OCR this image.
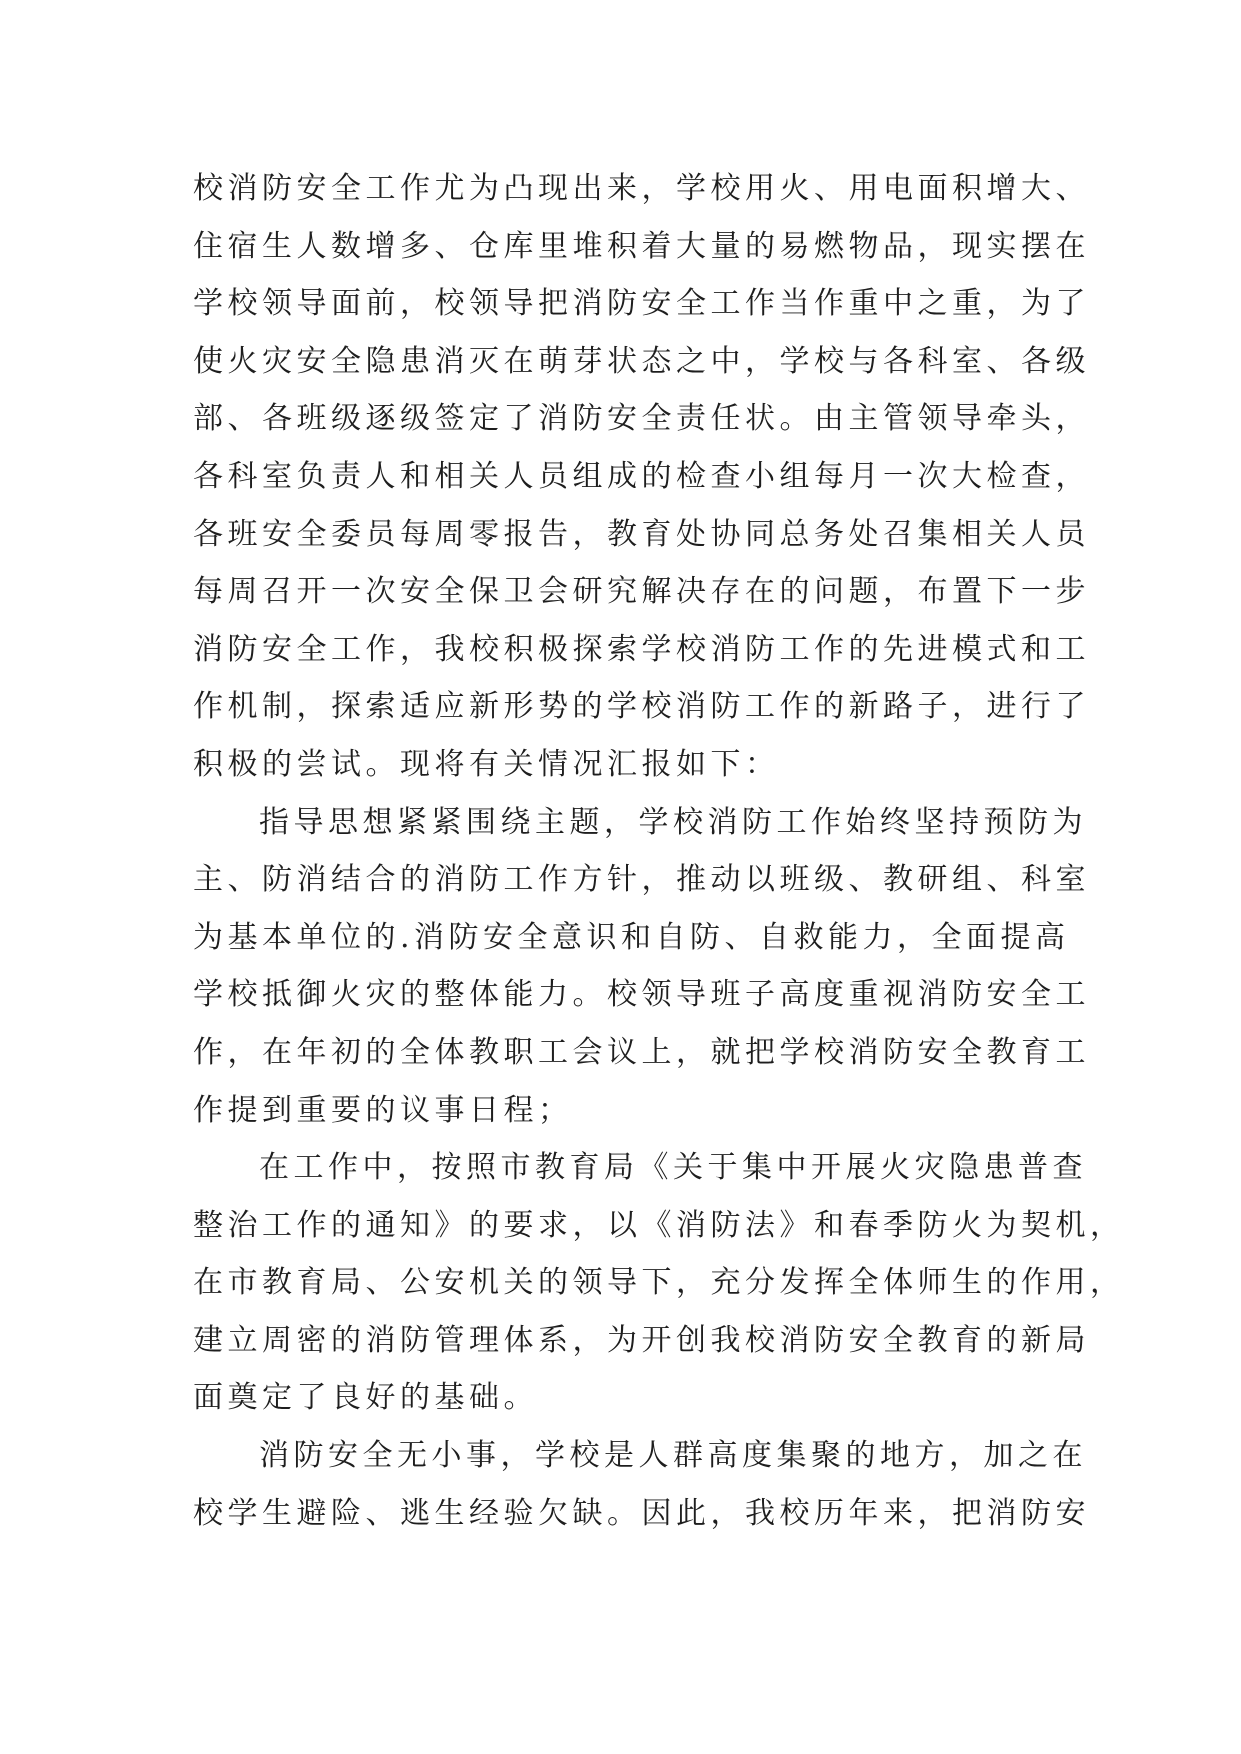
校消防安全工作尤为凸现出来，学校用火、用电面积增大、
住宿生人数增多、仓库里堆积着大量的易燃物品，现实摆在
学校领导面前，校领导把消防安全工作当作重中之重，为了
使火灾安全隐患消灭在萌芽状态之中，学校与各科室、各级
部、各班级逐级签定了消防安全责任状。由主管领导牵头，
各科室负责人和相关人员组成的检查小组每月一次大检查，
各班安全委员每周零报告，教育处协同总务处召集相关人员
每周召开一次安全保卫会研究解决存在的问题，布置下一步
消防安全工作，我校积极探索学校消防工作的先进模式和工
作机制，探索适应新形势的学校消防工作的新路子，进行了
积极的尝试。现将有关情况汇报如下：
指导思想紧紧围绕主题，学校消防工作始终坚持预防为
主、防消结合的消防工作方针，推动以班级、教研组、科室
为基本单位的.消防安全意识和自防、自救能力，全面提高
学校抵御火灾的整体能力。校领导班子高度重视消防安全工
作，在年初的全体教职工会议上，就把学校消防安全教育工
作提到重要的议事日程；
在工作中，按照市教育局《关于集中开展火灾隐患普查
整治工作的通知》的要求，以《消防法》和春季防火为契机，
在市教育局、公安机关的领导下，充分发挥全体师生的作用，
建立周密的消防管理体系，为开创我校消防安全教育的新局
面奠定了良好的基础。
消防安全无小事，学校是人群高度集聚的地方，加之在
校学生避险、逃生经验欠缺。因此，我校历年来，把消防安
